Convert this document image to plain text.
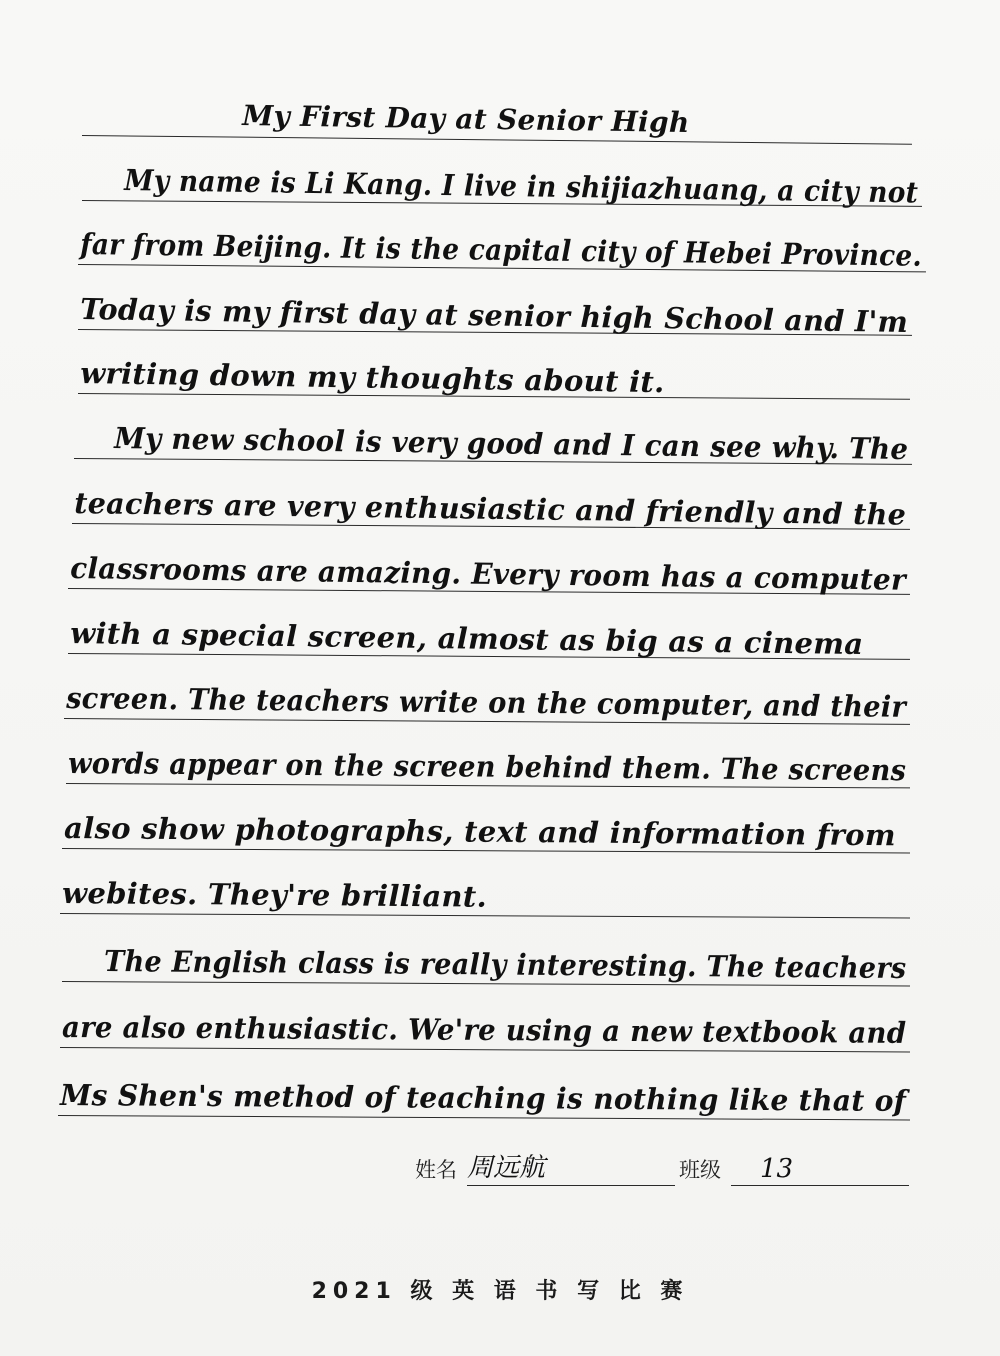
My First Day at Senior High
My name is Li Kang. I live in shijiazhuang, a city not
far from Beijing. It is the capital city of Hebei Province.
Today is my first day at senior high School and I'm
writing down my thoughts about it.
My new school is very good and I can see why. The
teachers are very enthusiastic and friendly and the
classrooms are amazing. Every room has a computer
with a special screen, almost as big as a cinema
screen. The teachers write on the computer, and their
words appear on the screen behind them. The screens
also show photographs, text and information from
webites. They're brilliant.
The English class is really interesting. The teachers
are also enthusiastic. We're using a new textbook and
Ms Shen's method of teaching is nothing like that of
姓名 周远航	班级 13
2021 级 英 语 书 写 比 赛
